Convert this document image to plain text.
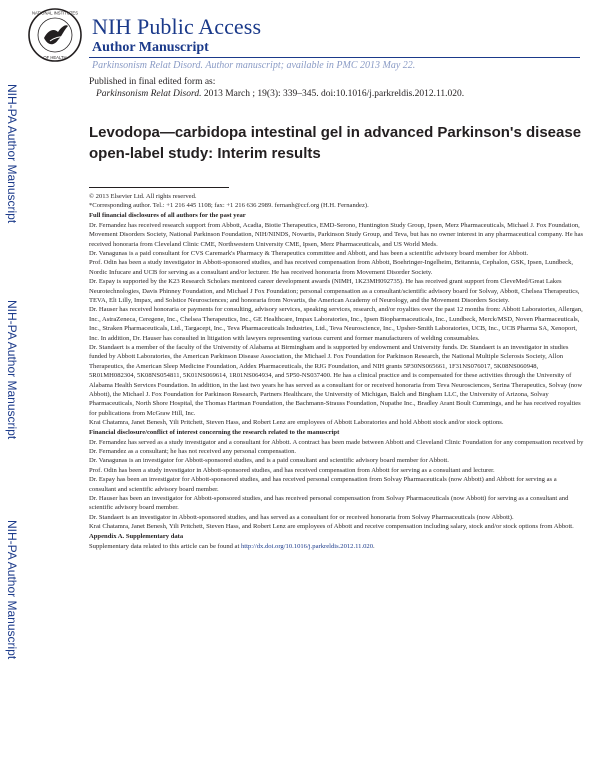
NATIONAL INSTITUTES
OF HEALTH
NIH Public Access
Author Manuscript
Parkinsonism Relat Disord. Author manuscript; available in PMC 2013 May 22.
Published in final edited form as:
Parkinsonism Relat Disord. 2013 March ; 19(3): 339–345. doi:10.1016/j.parkreldis.2012.11.020.
NIH-PA Author Manuscript
NIH-PA Author Manuscript
NIH-PA Author Manuscript
Levodopa—carbidopa intestinal gel in advanced Parkinson's disease open-label study: Interim results

© 2013 Elsevier Ltd. All rights reserved.

*Corresponding author. Tel.: +1 216 445 1108; fax: +1 216 636 2989. fernanh@ccf.org (H.H. Fernandez).

Full financial disclosures of all authors for the past year

Dr. Fernandez has received research support from Abbott, Acadia, Biotie Therapeutics, EMD-Serono, Huntington Study Group, Ipsen, Merz Pharmaceuticals, Michael J. Fox Foundation, Movement Disorders Society, National Parkinson Foundation, NIH/NINDS, Novartis, Parkinson Study Group, and Teva, but has no owner interest in any pharmaceutical company. He has received honoraria from Cleveland Clinic CME, Northwestern University CME, Ipsen, Merz Pharmaceuticals, and US World Meds.

Dr. Vanagunas is a paid consultant for CVS Caremark's Pharmacy & Therapeutics committee and Abbott, and has been a scientific advisory board member for Abbott.

Prof. Odin has been a study investigator in Abbott-sponsored studies, and has received compensation from Abbott, Boehringer-Ingelheim, Britannia, Cephalon, GSK, Ipsen, Lundbeck, Nordic Infucare and UCB for serving as a consultant and/or lecturer. He has received honoraria from Movement Disorder Society.

Dr. Espay is supported by the K23 Research Scholars mentored career development awards (NIMH, 1K23MH092735). He has received grant support from CleveMed/Great Lakes Neurotechnologies, Davis Phinney Foundation, and Michael J Fox Foundation; personal compensation as a consultant/scientific advisory board for Solvay, Abbott, Chelsea Therapeutics, TEVA, Eli Lilly, Impax, and Solstice Neurosciences; and honoraria from Novartis, the American Academy of Neurology, and the Movement Disorders Society.

Dr. Hauser has received honoraria or payments for consulting, advisory services, speaking services, research, and/or royalties over the past 12 months from: Abbott Laboratories, Allergan, Inc., AstraZeneca, Ceregene, Inc., Chelsea Therapeutics, Inc., GE Healthcare, Impax Laboratories, Inc., Ipsen Biopharmaceuticals, Inc., Lundbeck, Merck/MSD, Noven Pharmaceuticals, Inc., Straken Pharmaceuticals, Ltd., Targacept, Inc., Teva Pharmaceuticals Industries, Ltd., Teva Neuroscience, Inc., Upsher-Smith Laboratories, UCB, Inc., UCB Pharma SA, Xenoport, Inc. In addition, Dr. Hauser has consulted in litigation with lawyers representing various current and former manufacturers of welding consumables.

Dr. Standaert is a member of the faculty of the University of Alabama at Birmingham and is supported by endowment and University funds. Dr. Standaert is an investigator in studies funded by Abbott Laboratories, the American Parkinson Disease Association, the Michael J. Fox Foundation for Parkinson Research, the National Multiple Sclerosis Society, Allon Therapeutics, the American Sleep Medicine Foundation, Addex Pharmaceuticals, the RJG Foundation, and NIH grants 5P30NS065661, 1F31NS076017, 5K08NS060948, 5R01MH082304, 5K08NS054811, 5K01NS069614, 1R01NS064934, and 5P50-NS037400. He has a clinical practice and is compensated for these activities through the University of Alabama Health Services Foundation. In addition, in the last two years he has served as a consultant for or received honoraria from Teva Neurosciences, Serina Therapeutics, Solvay (now Abbott), the Michael J. Fox Foundation for Parkinson Research, Partners Healthcare, the University of Michigan, Balch and Bingham LLC, the University of Arizona, Solvay Pharmaceuticals, North Shore Hospital, the Thomas Hartman Foundation, the Bachmann-Strauss Foundation, Nupathe Inc., Bradley Arant Boult Cummings, and he has received royalties for publications from McGraw Hill, Inc.

Krai Chatamra, Janet Benesh, Yili Pritchett, Steven Hass, and Robert Lenz are employees of Abbott Laboratories and hold Abbott stock and/or stock options.

Financial disclosure/conflict of interest concerning the research related to the manuscript

Dr. Fernandez has served as a study investigator and a consultant for Abbott. A contract has been made between Abbott and Cleveland Clinic Foundation for any compensation received by Dr. Fernandez as a consultant; he has not received any personal compensation.

Dr. Vanagunas is an investigator for Abbott-sponsored studies, and is a paid consultant and scientific advisory board member for Abbott.

Prof. Odin has been a study investigator in Abbott-sponsored studies, and has received compensation from Abbott for serving as a consultant and lecturer.

Dr. Espay has been an investigator for Abbott-sponsored studies, and has received personal compensation from Solvay Pharmaceuticals (now Abbott) and Abbott for serving as a consultant and scientific advisory board member.

Dr. Hauser has been an investigator for Abbott-sponsored studies, and has received personal compensation from Solvay Pharmaceuticals (now Abbott) for serving as a consultant and scientific advisory board member.

Dr. Standaert is an investigator in Abbott-sponsored studies, and has served as a consultant for or received honoraria from Solvay Pharmaceuticals (now Abbott).

Krai Chatamra, Janet Benesh, Yili Pritchett, Steven Hass, and Robert Lenz are employees of Abbott and receive compensation including salary, stock and/or stock options from Abbott.

Appendix A. Supplementary data

Supplementary data related to this article can be found at http://dx.doi.org/10.1016/j.parkreldis.2012.11.020.
